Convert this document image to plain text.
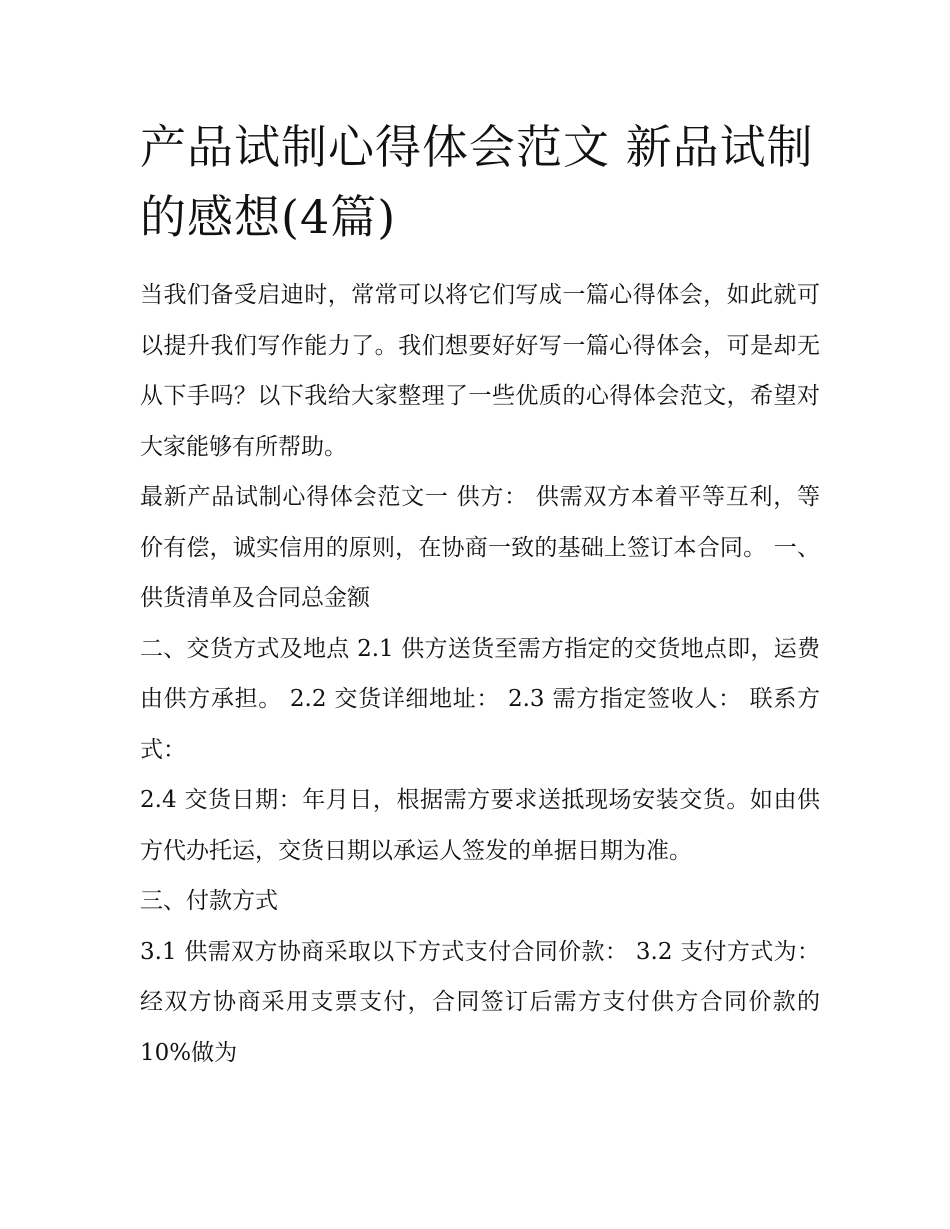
产品试制心得体会范文 新品试制的感想(4篇)

当我们备受启迪时，常常可以将它们写成一篇心得体会，如此就可以提升我们写作能力了。我们想要好好写一篇心得体会，可是却无从下手吗？以下我给大家整理了一些优质的心得体会范文，希望对大家能够有所帮助。

最新产品试制心得体会范文一 供方： 供需双方本着平等互利，等价有偿，诚实信用的原则，在协商一致的基础上签订本合同。 一、供货清单及合同总金额

二、交货方式及地点 2.1 供方送货至需方指定的交货地点即，运费由供方承担。 2.2 交货详细地址： 2.3 需方指定签收人： 联系方式：

2.4 交货日期：年月日，根据需方要求送抵现场安装交货。如由供方代办托运，交货日期以承运人签发的单据日期为准。

三、付款方式

3.1 供需双方协商采取以下方式支付合同价款： 3.2 支付方式为：经双方协商采用支票支付，合同签订后需方支付供方合同价款的 10%做为
